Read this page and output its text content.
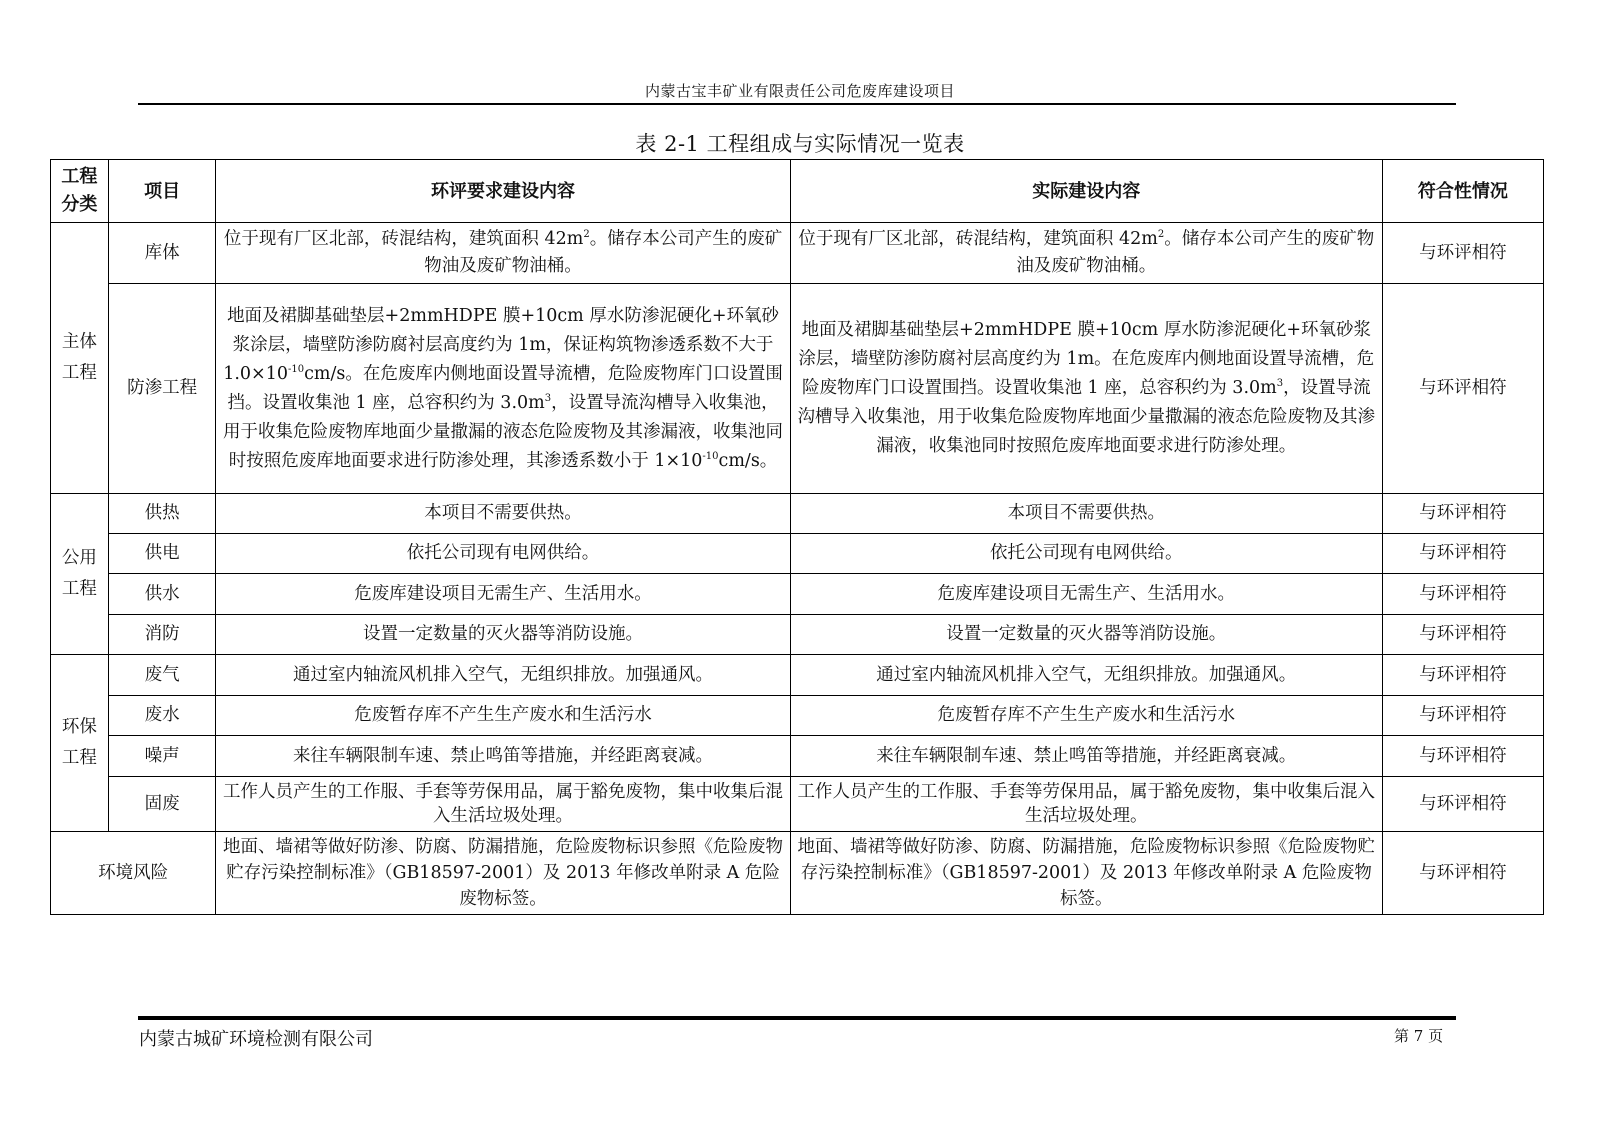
内蒙古宝丰矿业有限责任公司危废库建设项目
表 2-1 工程组成与实际情况一览表
工程分类	项目	环评要求建设内容	实际建设内容	符合性情况
主体工程	库体	位于现有厂区北部，砖混结构，建筑面积 $42m^2$。储存本公司产生的废矿物油及废矿物油桶。	位于现有厂区北部，砖混结构，建筑面积 $42m^2$。储存本公司产生的废矿物油及废矿物油桶。	与环评相符
	防渗工程	地面及裙脚基础垫层+2mmHDPE 膜+10cm 厚水防渗泥硬化+环氧砂浆涂层，墙壁防渗防腐衬层高度约为 1m，保证构筑物渗透系数不大于 $1.0\times 10^{-10}cm/s$。在危废库内侧地面设置导流槽，危险废物库门口设置围挡。设置收集池 1 座，总容积约为 $3.0m^3$，设置导流沟槽导入收集池，用于收集危险废物库地面少量撒漏的液态危险废物及其渗漏液，收集池同时按照危废库地面要求进行防渗处理，其渗透系数小于 $1\times 10^{-10}cm/s$。	地面及裙脚基础垫层+2mmHDPE 膜+10cm 厚水防渗泥硬化+环氧砂浆涂层，墙壁防渗防腐衬层高度约为 1m。在危废库内侧地面设置导流槽，危险废物库门口设置围挡。设置收集池 1 座，总容积约为 $3.0m^3$，设置导流沟槽导入收集池，用于收集危险废物库地面少量撒漏的液态危险废物及其渗漏液，收集池同时按照危废库地面要求进行防渗处理。	与环评相符
公用工程	供热	本项目不需要供热。	本项目不需要供热。	与环评相符
	供电	依托公司现有电网供给。	依托公司现有电网供给。	与环评相符
	供水	危废库建设项目无需生产、生活用水。	危废库建设项目无需生产、生活用水。	与环评相符
	消防	设置一定数量的灭火器等消防设施。	设置一定数量的灭火器等消防设施。	与环评相符
环保工程	废气	通过室内轴流风机排入空气，无组织排放。加强通风。	通过室内轴流风机排入空气，无组织排放。加强通风。	与环评相符
	废水	危废暂存库不产生生产废水和生活污水	危废暂存库不产生生产废水和生活污水	与环评相符
	噪声	来往车辆限制车速、禁止鸣笛等措施，并经距离衰减。	来往车辆限制车速、禁止鸣笛等措施，并经距离衰减。	与环评相符
	固废	工作人员产生的工作服、手套等劳保用品，属于豁免废物，集中收集后混入生活垃圾处理。	工作人员产生的工作服、手套等劳保用品，属于豁免废物，集中收集后混入生活垃圾处理。	与环评相符
环境风险		地面、墙裙等做好防渗、防腐、防漏措施，危险废物标识参照《危险废物贮存污染控制标准》（GB18597-2001）及 2013 年修改单附录 A 危险废物标签。	地面、墙裙等做好防渗、防腐、防漏措施，危险废物标识参照《危险废物贮存污染控制标准》（GB18597-2001）及 2013 年修改单附录 A 危险废物标签。	与环评相符
内蒙古城矿环境检测有限公司	第 7 页
